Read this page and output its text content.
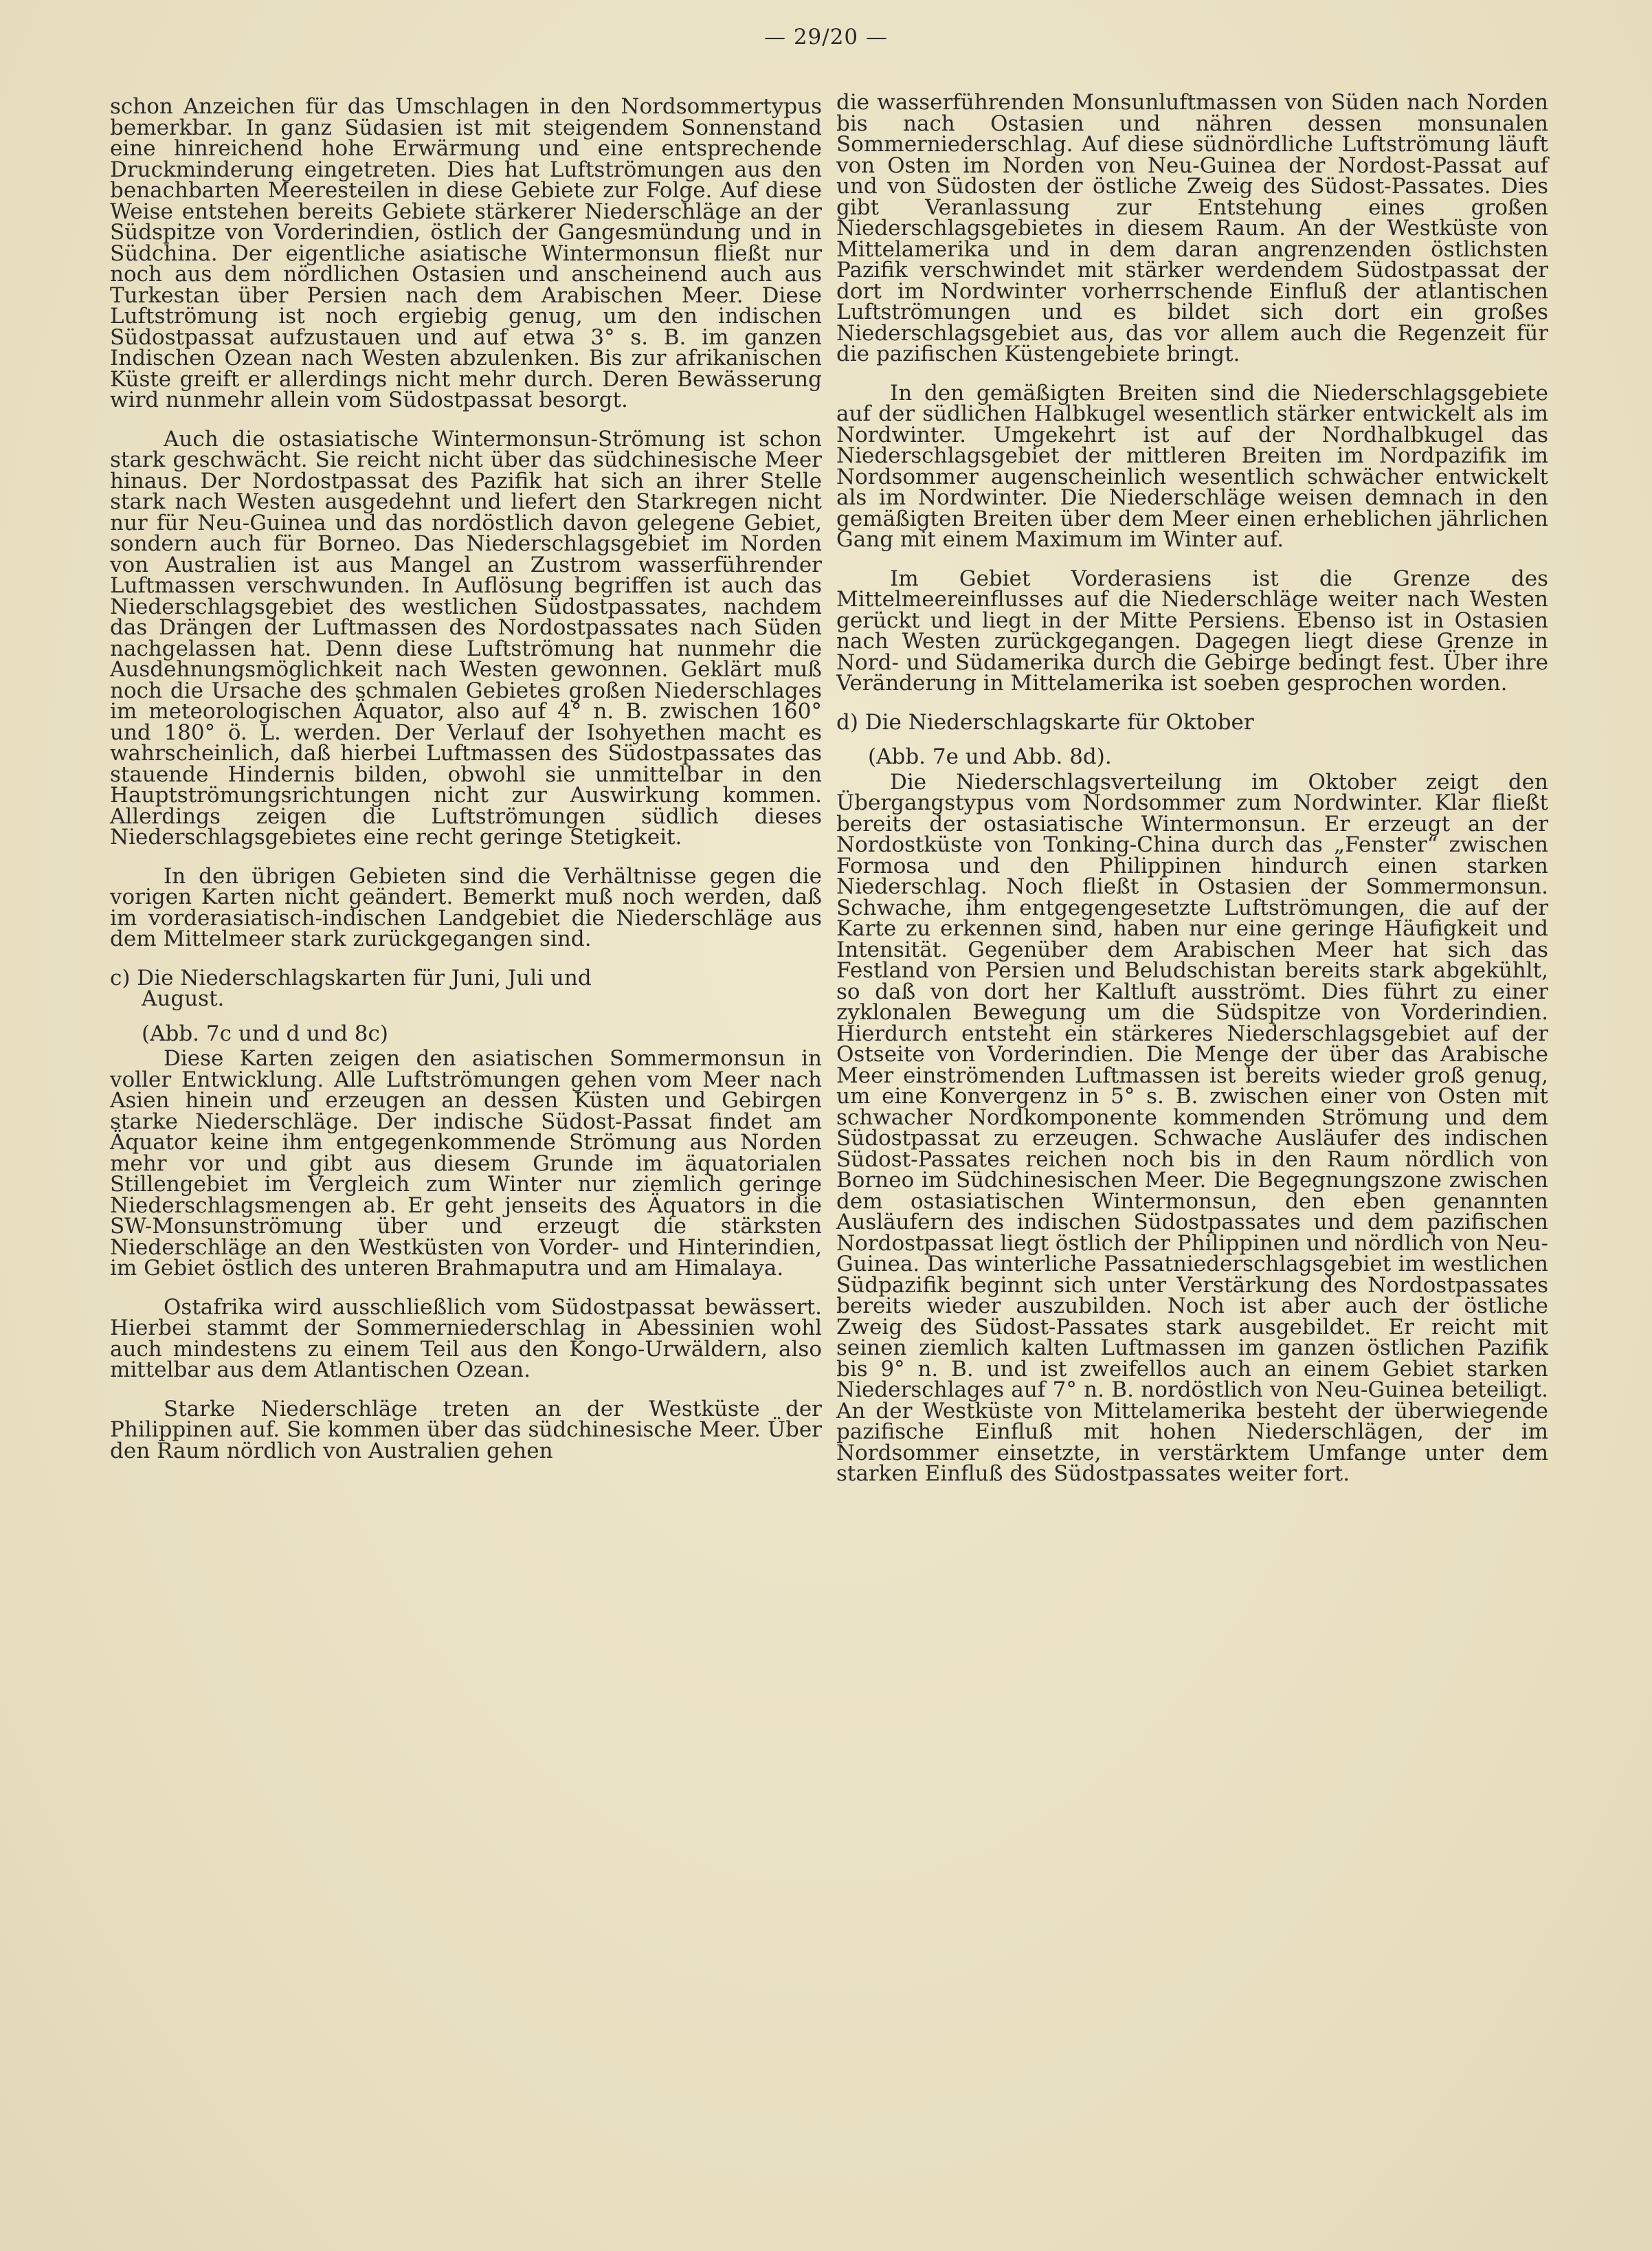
— 29/20 —

schon Anzeichen für das Umschlagen in den Nordsommertypus bemerkbar. In ganz Südasien ist mit steigendem Sonnenstand eine hinreichend hohe Erwärmung und eine entsprechende Druckminderung eingetreten. Dies hat Luftströmungen aus den benachbarten Meeresteilen in diese Gebiete zur Folge. Auf diese Weise entstehen bereits Gebiete stärkerer Niederschläge an der Südspitze von Vorderindien, östlich der Gangesmündung und in Südchina. Der eigentliche asiatische Wintermonsun fließt nur noch aus dem nördlichen Ostasien und anscheinend auch aus Turkestan über Persien nach dem Arabischen Meer. Diese Luftströmung ist noch ergiebig genug, um den indischen Südostpassat aufzustauen und auf etwa 3° s. B. im ganzen Indischen Ozean nach Westen abzulenken. Bis zur afrikanischen Küste greift er allerdings nicht mehr durch. Deren Bewässerung wird nunmehr allein vom Südostpassat besorgt.

Auch die ostasiatische Wintermonsun-Strömung ist schon stark geschwächt. Sie reicht nicht über das südchinesische Meer hinaus. Der Nordostpassat des Pazifik hat sich an ihrer Stelle stark nach Westen ausgedehnt und liefert den Starkregen nicht nur für Neu-Guinea und das nordöstlich davon gelegene Gebiet, sondern auch für Borneo. Das Niederschlagsgebiet im Norden von Australien ist aus Mangel an Zustrom wasserführender Luftmassen verschwunden. In Auflösung begriffen ist auch das Niederschlagsgebiet des westlichen Südostpassates, nachdem das Drängen der Luftmassen des Nordostpassates nach Süden nachgelassen hat. Denn diese Luftströmung hat nunmehr die Ausdehnungsmöglichkeit nach Westen gewonnen. Geklärt muß noch die Ursache des schmalen Gebietes großen Niederschlages im meteorologischen Äquator, also auf 4° n. B. zwischen 160° und 180° ö. L. werden. Der Verlauf der Isohyethen macht es wahrscheinlich, daß hierbei Luftmassen des Südostpassates das stauende Hindernis bilden, obwohl sie unmittelbar in den Hauptströmungsrichtungen nicht zur Auswirkung kommen. Allerdings zeigen die Luftströmungen südlich dieses Niederschlagsgebietes eine recht geringe Stetigkeit.

In den übrigen Gebieten sind die Verhältnisse gegen die vorigen Karten nicht geändert. Bemerkt muß noch werden, daß im vorderasiatisch-indischen Landgebiet die Niederschläge aus dem Mittelmeer stark zurückgegangen sind.

c) Die Niederschlagskarten für Juni, Juli und
August.

(Abb. 7c und d und 8c)

Diese Karten zeigen den asiatischen Sommermonsun in voller Entwicklung. Alle Luftströmungen gehen vom Meer nach Asien hinein und erzeugen an dessen Küsten und Gebirgen starke Niederschläge. Der indische Südost-Passat findet am Äquator keine ihm entgegenkommende Strömung aus Norden mehr vor und gibt aus diesem Grunde im äquatorialen Stillengebiet im Vergleich zum Winter nur ziemlich geringe Niederschlagsmengen ab. Er geht jenseits des Äquators in die SW-Monsunströmung über und erzeugt die stärksten Niederschläge an den Westküsten von Vorder- und Hinterindien, im Gebiet östlich des unteren Brahmaputra und am Himalaya.

Ostafrika wird ausschließlich vom Südostpassat bewässert. Hierbei stammt der Sommerniederschlag in Abessinien wohl auch mindestens zu einem Teil aus den Kongo-Urwäldern, also mittelbar aus dem Atlantischen Ozean.

Starke Niederschläge treten an der Westküste der Philippinen auf. Sie kommen über das südchinesische Meer. Über den Raum nördlich von Australien gehen

die wasserführenden Monsunluftmassen von Süden nach Norden bis nach Ostasien und nähren dessen monsunalen Sommerniederschlag. Auf diese südnördliche Luftströmung läuft von Osten im Norden von Neu-Guinea der Nordost-Passat auf und von Südosten der östliche Zweig des Südost-Passates. Dies gibt Veranlassung zur Entstehung eines großen Niederschlagsgebietes in diesem Raum. An der Westküste von Mittelamerika und in dem daran angrenzenden östlichsten Pazifik verschwindet mit stärker werdendem Südostpassat der dort im Nordwinter vorherrschende Einfluß der atlantischen Luftströmungen und es bildet sich dort ein großes Niederschlagsgebiet aus, das vor allem auch die Regenzeit für die pazifischen Küstengebiete bringt.

In den gemäßigten Breiten sind die Niederschlagsgebiete auf der südlichen Halbkugel wesentlich stärker entwickelt als im Nordwinter. Umgekehrt ist auf der Nordhalbkugel das Niederschlagsgebiet der mittleren Breiten im Nordpazifik im Nordsommer augenscheinlich wesentlich schwächer entwickelt als im Nordwinter. Die Niederschläge weisen demnach in den gemäßigten Breiten über dem Meer einen erheblichen jährlichen Gang mit einem Maximum im Winter auf.

Im Gebiet Vorderasiens ist die Grenze des Mittelmeereinflusses auf die Niederschläge weiter nach Westen gerückt und liegt in der Mitte Persiens. Ebenso ist in Ostasien nach Westen zurückgegangen. Dagegen liegt diese Grenze in Nord- und Südamerika durch die Gebirge bedingt fest. Über ihre Veränderung in Mittelamerika ist soeben gesprochen worden.

d) Die Niederschlagskarte für Oktober

(Abb. 7e und Abb. 8d).

Die Niederschlagsverteilung im Oktober zeigt den Übergangstypus vom Nordsommer zum Nordwinter. Klar fließt bereits der ostasiatische Wintermonsun. Er erzeugt an der Nordostküste von Tonking-China durch das „Fenster“ zwischen Formosa und den Philippinen hindurch einen starken Niederschlag. Noch fließt in Ostasien der Sommermonsun. Schwache, ihm entgegengesetzte Luftströmungen, die auf der Karte zu erkennen sind, haben nur eine geringe Häufigkeit und Intensität. Gegenüber dem Arabischen Meer hat sich das Festland von Persien und Beludschistan bereits stark abgekühlt, so daß von dort her Kaltluft ausströmt. Dies führt zu einer zyklonalen Bewegung um die Südspitze von Vorderindien. Hierdurch entsteht ein stärkeres Niederschlagsgebiet auf der Ostseite von Vorderindien. Die Menge der über das Arabische Meer einströmenden Luftmassen ist bereits wieder groß genug, um eine Konvergenz in 5° s. B. zwischen einer von Osten mit schwacher Nordkomponente kommenden Strömung und dem Südostpassat zu erzeugen. Schwache Ausläufer des indischen Südost-Passates reichen noch bis in den Raum nördlich von Borneo im Südchinesischen Meer. Die Begegnungszone zwischen dem ostasiatischen Wintermonsun, den eben genannten Ausläufern des indischen Südostpassates und dem pazifischen Nordostpassat liegt östlich der Philippinen und nördlich von Neu-Guinea. Das winterliche Passatniederschlagsgebiet im westlichen Südpazifik beginnt sich unter Verstärkung des Nordostpassates bereits wieder auszubilden. Noch ist aber auch der östliche Zweig des Südost-Passates stark ausgebildet. Er reicht mit seinen ziemlich kalten Luftmassen im ganzen östlichen Pazifik bis 9° n. B. und ist zweifellos auch an einem Gebiet starken Niederschlages auf 7° n. B. nordöstlich von Neu-Guinea beteiligt. An der Westküste von Mittelamerika besteht der überwiegende pazifische Einfluß mit hohen Niederschlägen, der im Nordsommer einsetzte, in verstärktem Umfange unter dem starken Einfluß des Südostpassates weiter fort.
